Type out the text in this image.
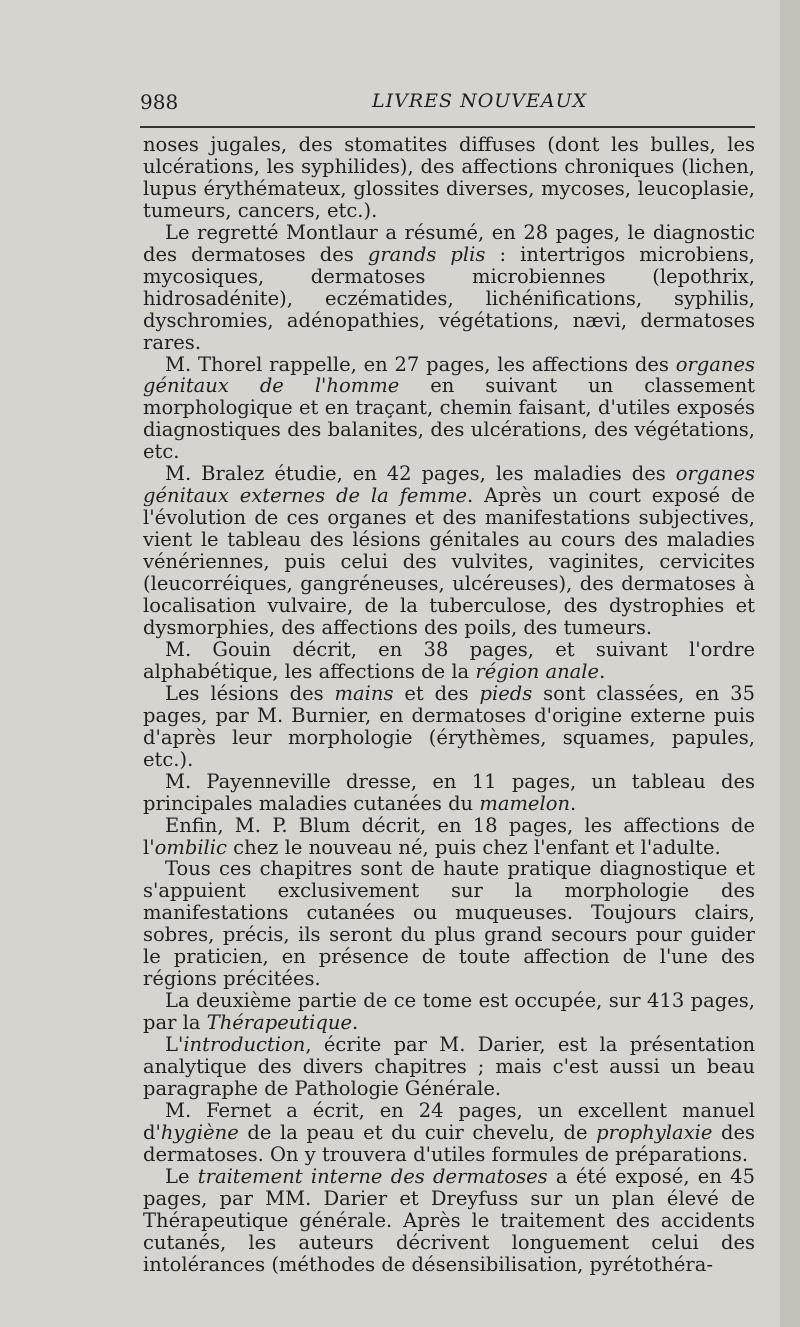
988	LIVRES NOUVEAUX

noses jugales, des stomatites diffuses (dont les bulles, les ulcérations, les syphilides), des affections chroniques (lichen, lupus érythémateux, glossites diverses, mycoses, leucoplasie, tumeurs, cancers, etc.).

Le regretté Montlaur a résumé, en 28 pages, le diagnostic des dermatoses des grands plis : intertrigos microbiens, mycosiques, dermatoses microbiennes (lepothrix, hidrosadénite), eczématides, lichénifications, syphilis, dyschromies, adénopathies, végétations, nævi, dermatoses rares.

M. Thorel rappelle, en 27 pages, les affections des organes génitaux de l'homme en suivant un classement morphologique et en traçant, chemin faisant, d'utiles exposés diagnostiques des balanites, des ulcérations, des végétations, etc.

M. Bralez étudie, en 42 pages, les maladies des organes génitaux externes de la femme. Après un court exposé de l'évolution de ces organes et des manifestations subjectives, vient le tableau des lésions génitales au cours des maladies vénériennes, puis celui des vulvites, vaginites, cervicites (leucorréiques, gangréneuses, ulcéreuses), des dermatoses à localisation vulvaire, de la tuberculose, des dystrophies et dysmorphies, des affections des poils, des tumeurs.

M. Gouin décrit, en 38 pages, et suivant l'ordre alphabétique, les affections de la région anale.

Les lésions des mains et des pieds sont classées, en 35 pages, par M. Burnier, en dermatoses d'origine externe puis d'après leur morphologie (érythèmes, squames, papules, etc.).

M. Payenneville dresse, en 11 pages, un tableau des principales maladies cutanées du mamelon.

Enfin, M. P. Blum décrit, en 18 pages, les affections de l'ombilic chez le nouveau né, puis chez l'enfant et l'adulte.

Tous ces chapitres sont de haute pratique diagnostique et s'appuient exclusivement sur la morphologie des manifestations cutanées ou muqueuses. Toujours clairs, sobres, précis, ils seront du plus grand secours pour guider le praticien, en présence de toute affection de l'une des régions précitées.

La deuxième partie de ce tome est occupée, sur 413 pages, par la Thérapeutique.

L'introduction, écrite par M. Darier, est la présentation analytique des divers chapitres ; mais c'est aussi un beau paragraphe de Pathologie Générale.

M. Fernet a écrit, en 24 pages, un excellent manuel d'hygiène de la peau et du cuir chevelu, de prophylaxie des dermatoses. On y trouvera d'utiles formules de préparations.

Le traitement interne des dermatoses a été exposé, en 45 pages, par MM. Darier et Dreyfuss sur un plan élevé de Thérapeutique générale. Après le traitement des accidents cutanés, les auteurs décrivent longuement celui des intolérances (méthodes de désensibilisation, pyrétothéra-
